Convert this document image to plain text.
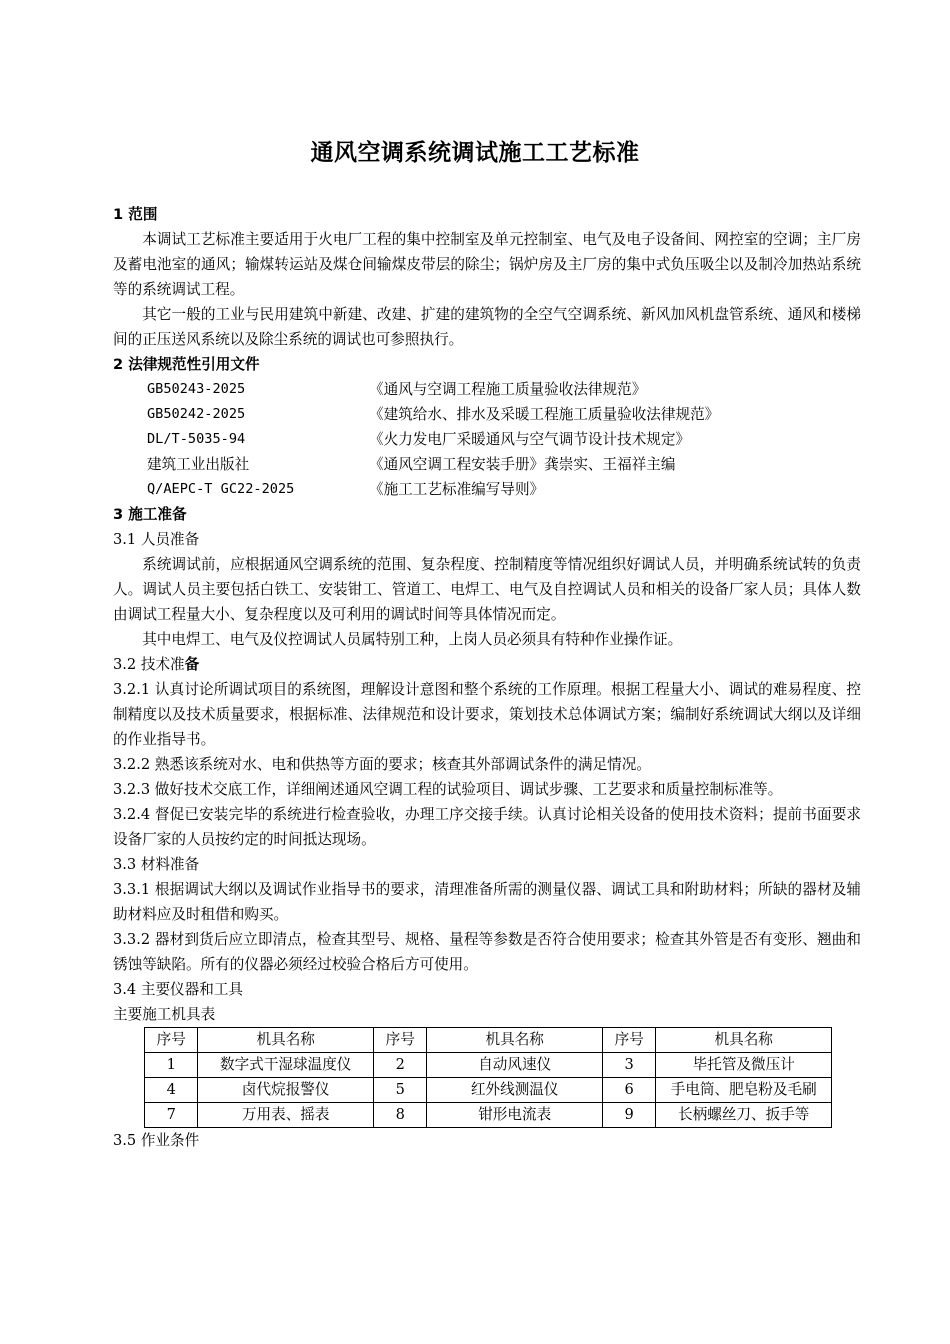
通风空调系统调试施工工艺标准

1 范围

本调试工艺标准主要适用于火电厂工程的集中控制室及单元控制室、电气及电子设备间、网控室的空调；主厂房及蓄电池室的通风；输煤转运站及煤仓间输煤皮带层的除尘；锅炉房及主厂房的集中式负压吸尘以及制冷加热站系统等的系统调试工程。

其它一般的工业与民用建筑中新建、改建、扩建的建筑物的全空气空调系统、新风加风机盘管系统、通风和楼梯间的正压送风系统以及除尘系统的调试也可参照执行。

2 法律规范性引用文件

GB50243-2025	《通风与空调工程施工质量验收法律规范》
GB50242-2025	《建筑给水、排水及采暖工程施工质量验收法律规范》
DL/T-5035-94	《火力发电厂采暖通风与空气调节设计技术规定》
建筑工业出版社	《通风空调工程安装手册》龚崇实、王福祥主编
Q/AEPC-T GC22-2025	《施工工艺标准编写导则》

3 施工准备

3.1 人员准备

系统调试前，应根据通风空调系统的范围、复杂程度、控制精度等情况组织好调试人员，并明确系统试转的负责人。调试人员主要包括白铁工、安装钳工、管道工、电焊工、电气及自控调试人员和相关的设备厂家人员；具体人数由调试工程量大小、复杂程度以及可利用的调试时间等具体情况而定。

其中电焊工、电气及仪控调试人员属特别工种，上岗人员必须具有特种作业操作证。

3.2 技术准备

3.2.1 认真讨论所调试项目的系统图，理解设计意图和整个系统的工作原理。根据工程量大小、调试的难易程度、控制精度以及技术质量要求，根据标准、法律规范和设计要求，策划技术总体调试方案；编制好系统调试大纲以及详细的作业指导书。

3.2.2 熟悉该系统对水、电和供热等方面的要求；核查其外部调试条件的满足情况。

3.2.3 做好技术交底工作，详细阐述通风空调工程的试验项目、调试步骤、工艺要求和质量控制标准等。

3.2.4 督促已安装完毕的系统进行检查验收，办理工序交接手续。认真讨论相关设备的使用技术资料；提前书面要求设备厂家的人员按约定的时间抵达现场。

3.3 材料准备

3.3.1 根据调试大纲以及调试作业指导书的要求，清理准备所需的测量仪器、调试工具和附助材料；所缺的器材及辅助材料应及时租借和购买。

3.3.2 器材到货后应立即清点，检查其型号、规格、量程等参数是否符合使用要求；检查其外管是否有变形、翘曲和锈蚀等缺陷。所有的仪器必须经过校验合格后方可使用。

3.4 主要仪器和工具

主要施工机具表

序号	机具名称	序号	机具名称	序号	机具名称
1	数字式干湿球温度仪	2	自动风速仪	3	毕托管及微压计
4	卤代烷报警仪	5	红外线测温仪	6	手电筒、肥皂粉及毛刷
7	万用表、摇表	8	钳形电流表	9	长柄螺丝刀、扳手等

3.5 作业条件
